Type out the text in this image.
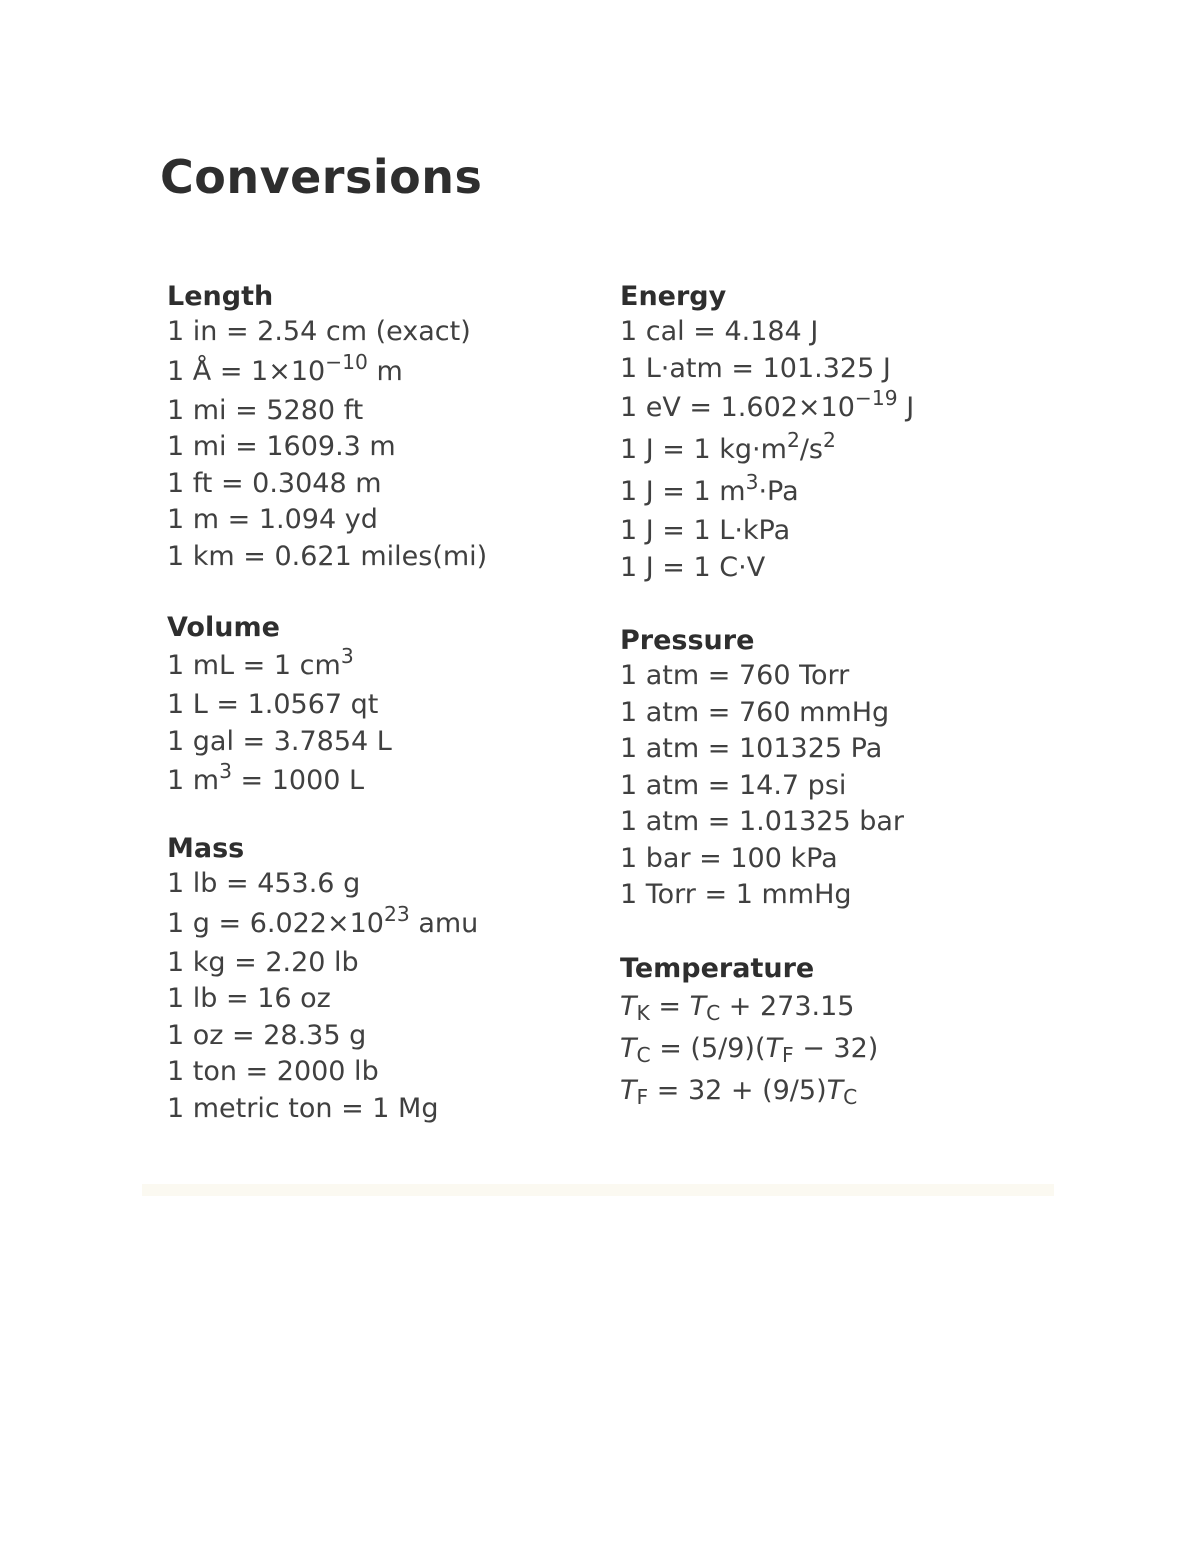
Conversions
Length
1 in = 2.54 cm (exact)
1 Å = $1\times 10^{-10}$ m
1 mi = 5280 ft
1 mi = 1609.3 m
1 ft = 0.3048 m
1 m = 1.094 yd
1 km = 0.621 miles(mi)
Volume
1 mL = 1 $cm^3$
1 L = 1.0567 qt
1 gal = 3.7854 L
1 $m^3 = 1000$ L
Mass
1 lb = 453.6 g
1 $g = 6.022\times 10^{23}$ amu
1 kg = 2.20 lb
1 lb = 16 oz
1 oz = 28.35 g
1 ton = 2000 lb
1 metric ton = 1 Mg
Energy
1 cal = 4.184 J
1 L·atm = 101.325 J
1 eV = $1.602\times 10^{-19}$ J
1 J = 1 $kg\cdot m^2/s^2$
1 J = 1 $m^3\cdot Pa$
1 J = 1 L·kPa
1 J = 1 C·V
Pressure
1 atm = 760 Torr
1 atm = 760 mmHg
1 atm = 101325 Pa
1 atm = 14.7 psi
1 atm = 1.01325 bar
1 bar = 100 kPa
1 Torr = 1 mmHg
Temperature
$T_K = T_C + 273.15$
$T_C = (5/9)(T_F - 32)$
$T_F = 32 + (9/5)T_C$
